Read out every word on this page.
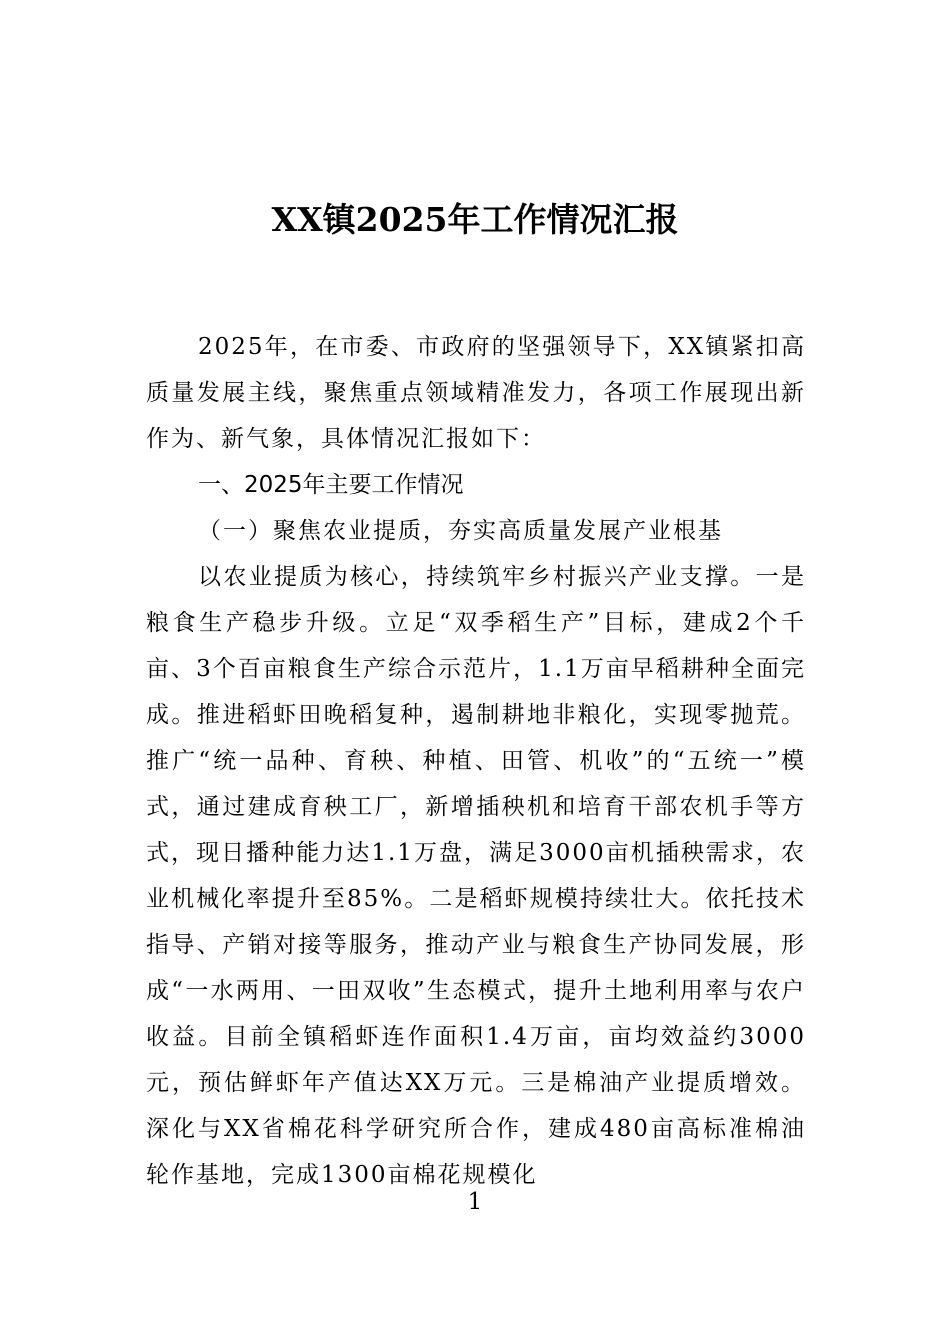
XX镇2025年工作情况汇报

2025年，在市委、市政府的坚强领导下，XX镇紧扣高质量发展主线，聚焦重点领域精准发力，各项工作展现出新作为、新气象，具体情况汇报如下：

一、2025年主要工作情况

（一）聚焦农业提质，夯实高质量发展产业根基

以农业提质为核心，持续筑牢乡村振兴产业支撑。一是粮食生产稳步升级。立足“双季稻生产”目标，建成2个千亩、3个百亩粮食生产综合示范片，1.1万亩早稻耕种全面完成。推进稻虾田晚稻复种，遏制耕地非粮化，实现零抛荒。推广“统一品种、育秧、种植、田管、机收”的“五统一”模式，通过建成育秧工厂，新增插秧机和培育干部农机手等方式，现日播种能力达1.1万盘，满足3000亩机插秧需求，农业机械化率提升至85%。二是稻虾规模持续壮大。依托技术指导、产销对接等服务，推动产业与粮食生产协同发展，形成“一水两用、一田双收”生态模式，提升土地利用率与农户收益。目前全镇稻虾连作面积1.4万亩，亩均效益约3000元，预估鲜虾年产值达XX万元。三是棉油产业提质增效。深化与XX省棉花科学研究所合作，建成480亩高标准棉油轮作基地，完成1300亩棉花规模化

1
